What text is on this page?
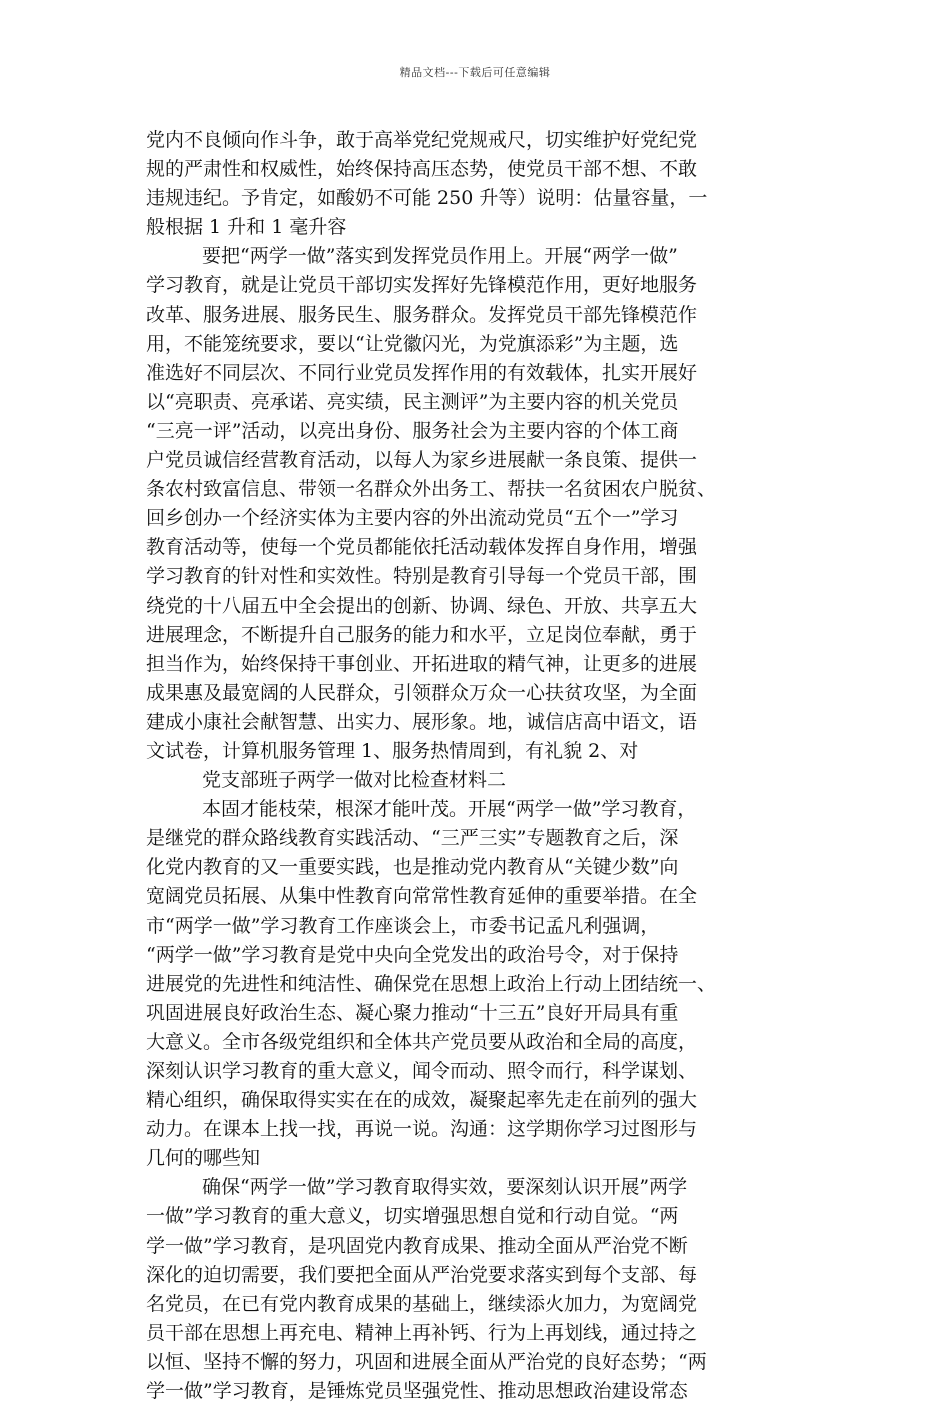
精品文档---下载后可任意编辑
党内不良倾向作斗争，敢于高举党纪党规戒尺，切实维护好党纪党
规的严肃性和权威性，始终保持高压态势，使党员干部不想、不敢
违规违纪。予肯定，如酸奶不可能 250 升等）说明：估量容量，一
般根据 1 升和 1 毫升容
要把“两学一做”落实到发挥党员作用上。开展“两学一做”
学习教育，就是让党员干部切实发挥好先锋模范作用，更好地服务
改革、服务进展、服务民生、服务群众。发挥党员干部先锋模范作
用，不能笼统要求，要以“让党徽闪光，为党旗添彩”为主题，选
准选好不同层次、不同行业党员发挥作用的有效载体，扎实开展好
以“亮职责、亮承诺、亮实绩，民主测评”为主要内容的机关党员
“三亮一评”活动，以亮出身份、服务社会为主要内容的个体工商
户党员诚信经营教育活动，以每人为家乡进展献一条良策、提供一
条农村致富信息、带领一名群众外出务工、帮扶一名贫困农户脱贫、
回乡创办一个经济实体为主要内容的外出流动党员“五个一”学习
教育活动等，使每一个党员都能依托活动载体发挥自身作用，增强
学习教育的针对性和实效性。特别是教育引导每一个党员干部，围
绕党的十八届五中全会提出的创新、协调、绿色、开放、共享五大
进展理念，不断提升自己服务的能力和水平，立足岗位奉献，勇于
担当作为，始终保持干事创业、开拓进取的精气神，让更多的进展
成果惠及最宽阔的人民群众，引领群众万众一心扶贫攻坚，为全面
建成小康社会献智慧、出实力、展形象。地，诚信店高中语文，语
文试卷，计算机服务管理 1、服务热情周到，有礼貌 2、对
党支部班子两学一做对比检查材料二
本固才能枝荣，根深才能叶茂。开展“两学一做”学习教育，
是继党的群众路线教育实践活动、“三严三实”专题教育之后，深
化党内教育的又一重要实践，也是推动党内教育从“关键少数”向
宽阔党员拓展、从集中性教育向常常性教育延伸的重要举措。在全
市“两学一做”学习教育工作座谈会上，市委书记孟凡利强调，
“两学一做”学习教育是党中央向全党发出的政治号令，对于保持
进展党的先进性和纯洁性、确保党在思想上政治上行动上团结统一、
巩固进展良好政治生态、凝心聚力推动“十三五”良好开局具有重
大意义。全市各级党组织和全体共产党员要从政治和全局的高度，
深刻认识学习教育的重大意义，闻令而动、照令而行，科学谋划、
精心组织，确保取得实实在在的成效，凝聚起率先走在前列的强大
动力。在课本上找一找，再说一说。沟通：这学期你学习过图形与
几何的哪些知
确保“两学一做”学习教育取得实效，要深刻认识开展”两学
一做”学习教育的重大意义，切实增强思想自觉和行动自觉。“两
学一做”学习教育，是巩固党内教育成果、推动全面从严治党不断
深化的迫切需要，我们要把全面从严治党要求落实到每个支部、每
名党员，在已有党内教育成果的基础上，继续添火加力，为宽阔党
员干部在思想上再充电、精神上再补钙、行为上再划线，通过持之
以恒、坚持不懈的努力，巩固和进展全面从严治党的良好态势；“两
学一做”学习教育，是锤炼党员坚强党性、推动思想政治建设常态
